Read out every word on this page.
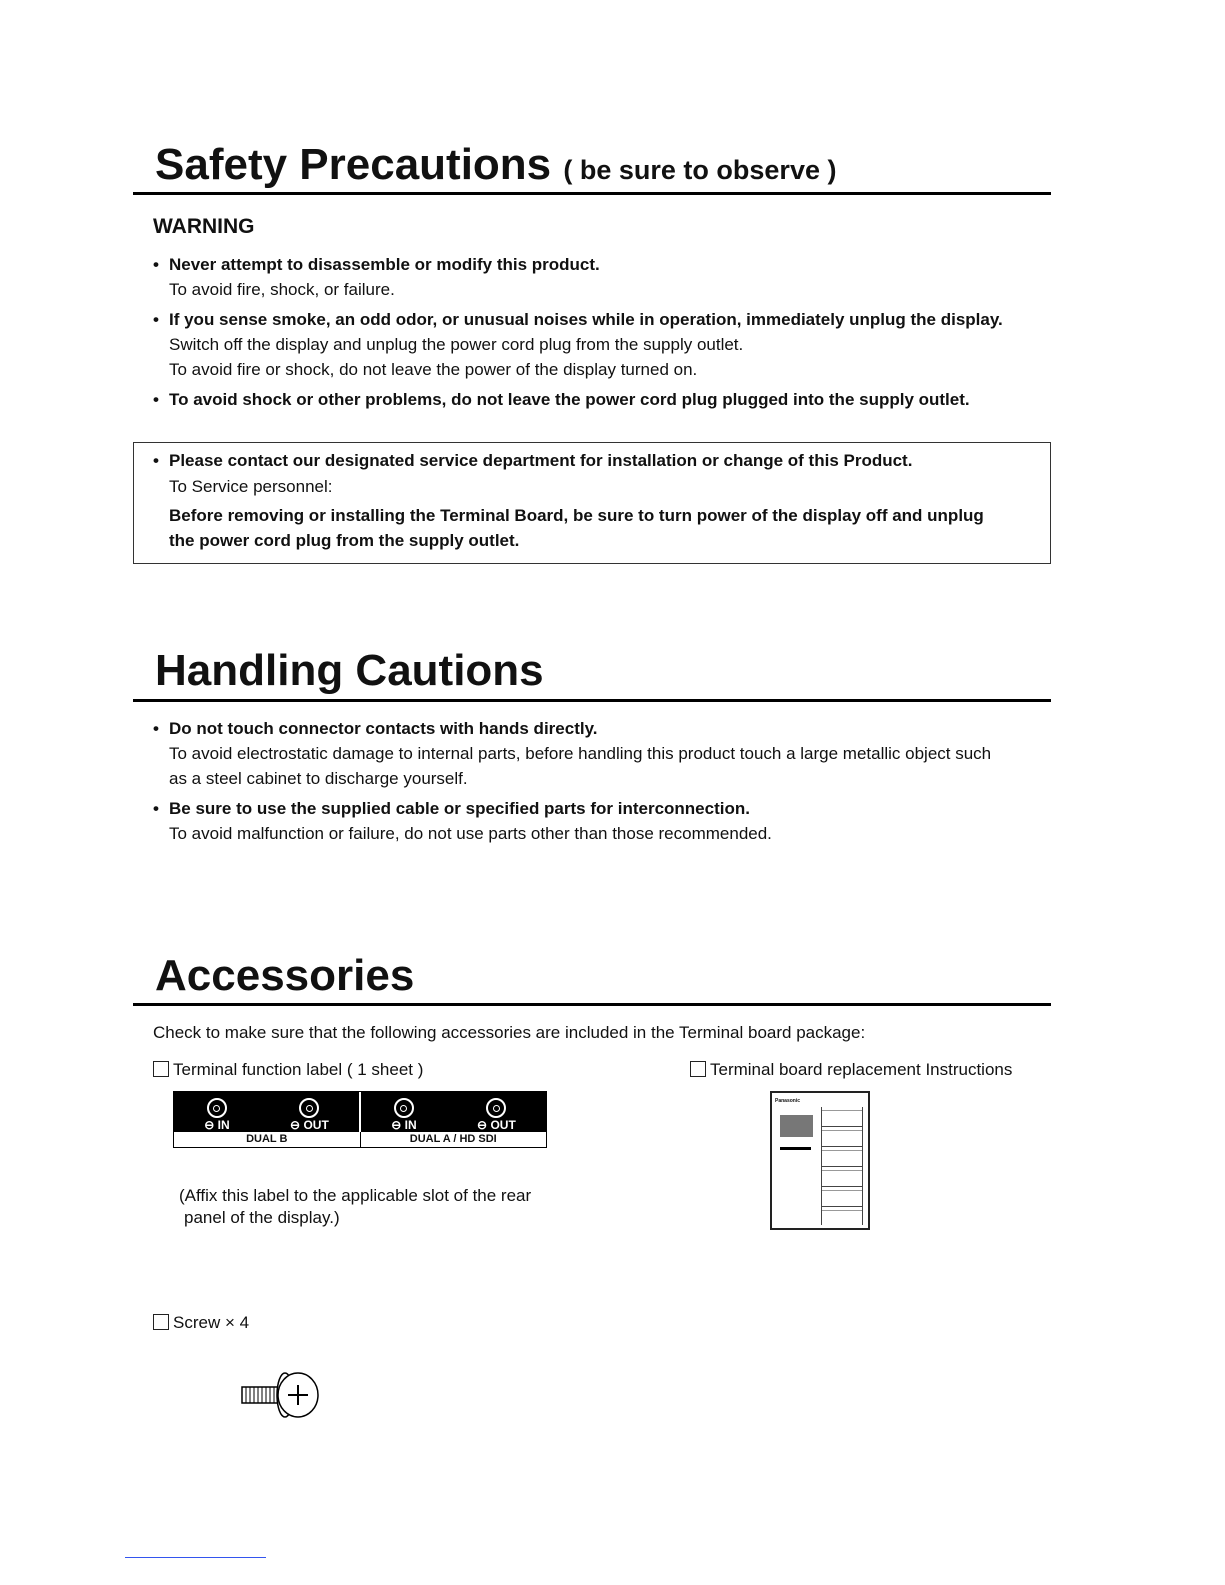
Safety Precautions ( be sure to observe )
WARNING
• Never attempt to disassemble or modify this product.
To avoid fire, shock, or failure.
• If you sense smoke, an odd odor, or unusual noises while in operation, immediately unplug the display.
Switch off the display and unplug the power cord plug from the supply outlet.
To avoid fire or shock, do not leave the power of the display turned on.
• To avoid shock or other problems, do not leave the power cord plug plugged into the supply outlet.
• Please contact our designated service department for installation or change of this Product.
To Service personnel:
Before removing or installing the Terminal Board, be sure to turn power of the display off and unplug
the power cord plug from the supply outlet.
Handling Cautions
• Do not touch connector contacts with hands directly.
To avoid electrostatic damage to internal parts, before handling this product touch a large metallic object such
as a steel cabinet to discharge yourself.
• Be sure to use the supplied cable or specified parts for interconnection.
To avoid malfunction or failure, do not use parts other than those recommended.
Accessories
Check to make sure that the following accessories are included in the Terminal board package:
Terminal function label ( 1 sheet )	Terminal board replacement Instructions
⊖ IN	⊖ OUT	⊖ IN	⊖ OUT
DUAL B	DUAL A / HD SDI
(Affix this label to the applicable slot of the rear
panel of the display.)
Panasonic
Screw × 4
